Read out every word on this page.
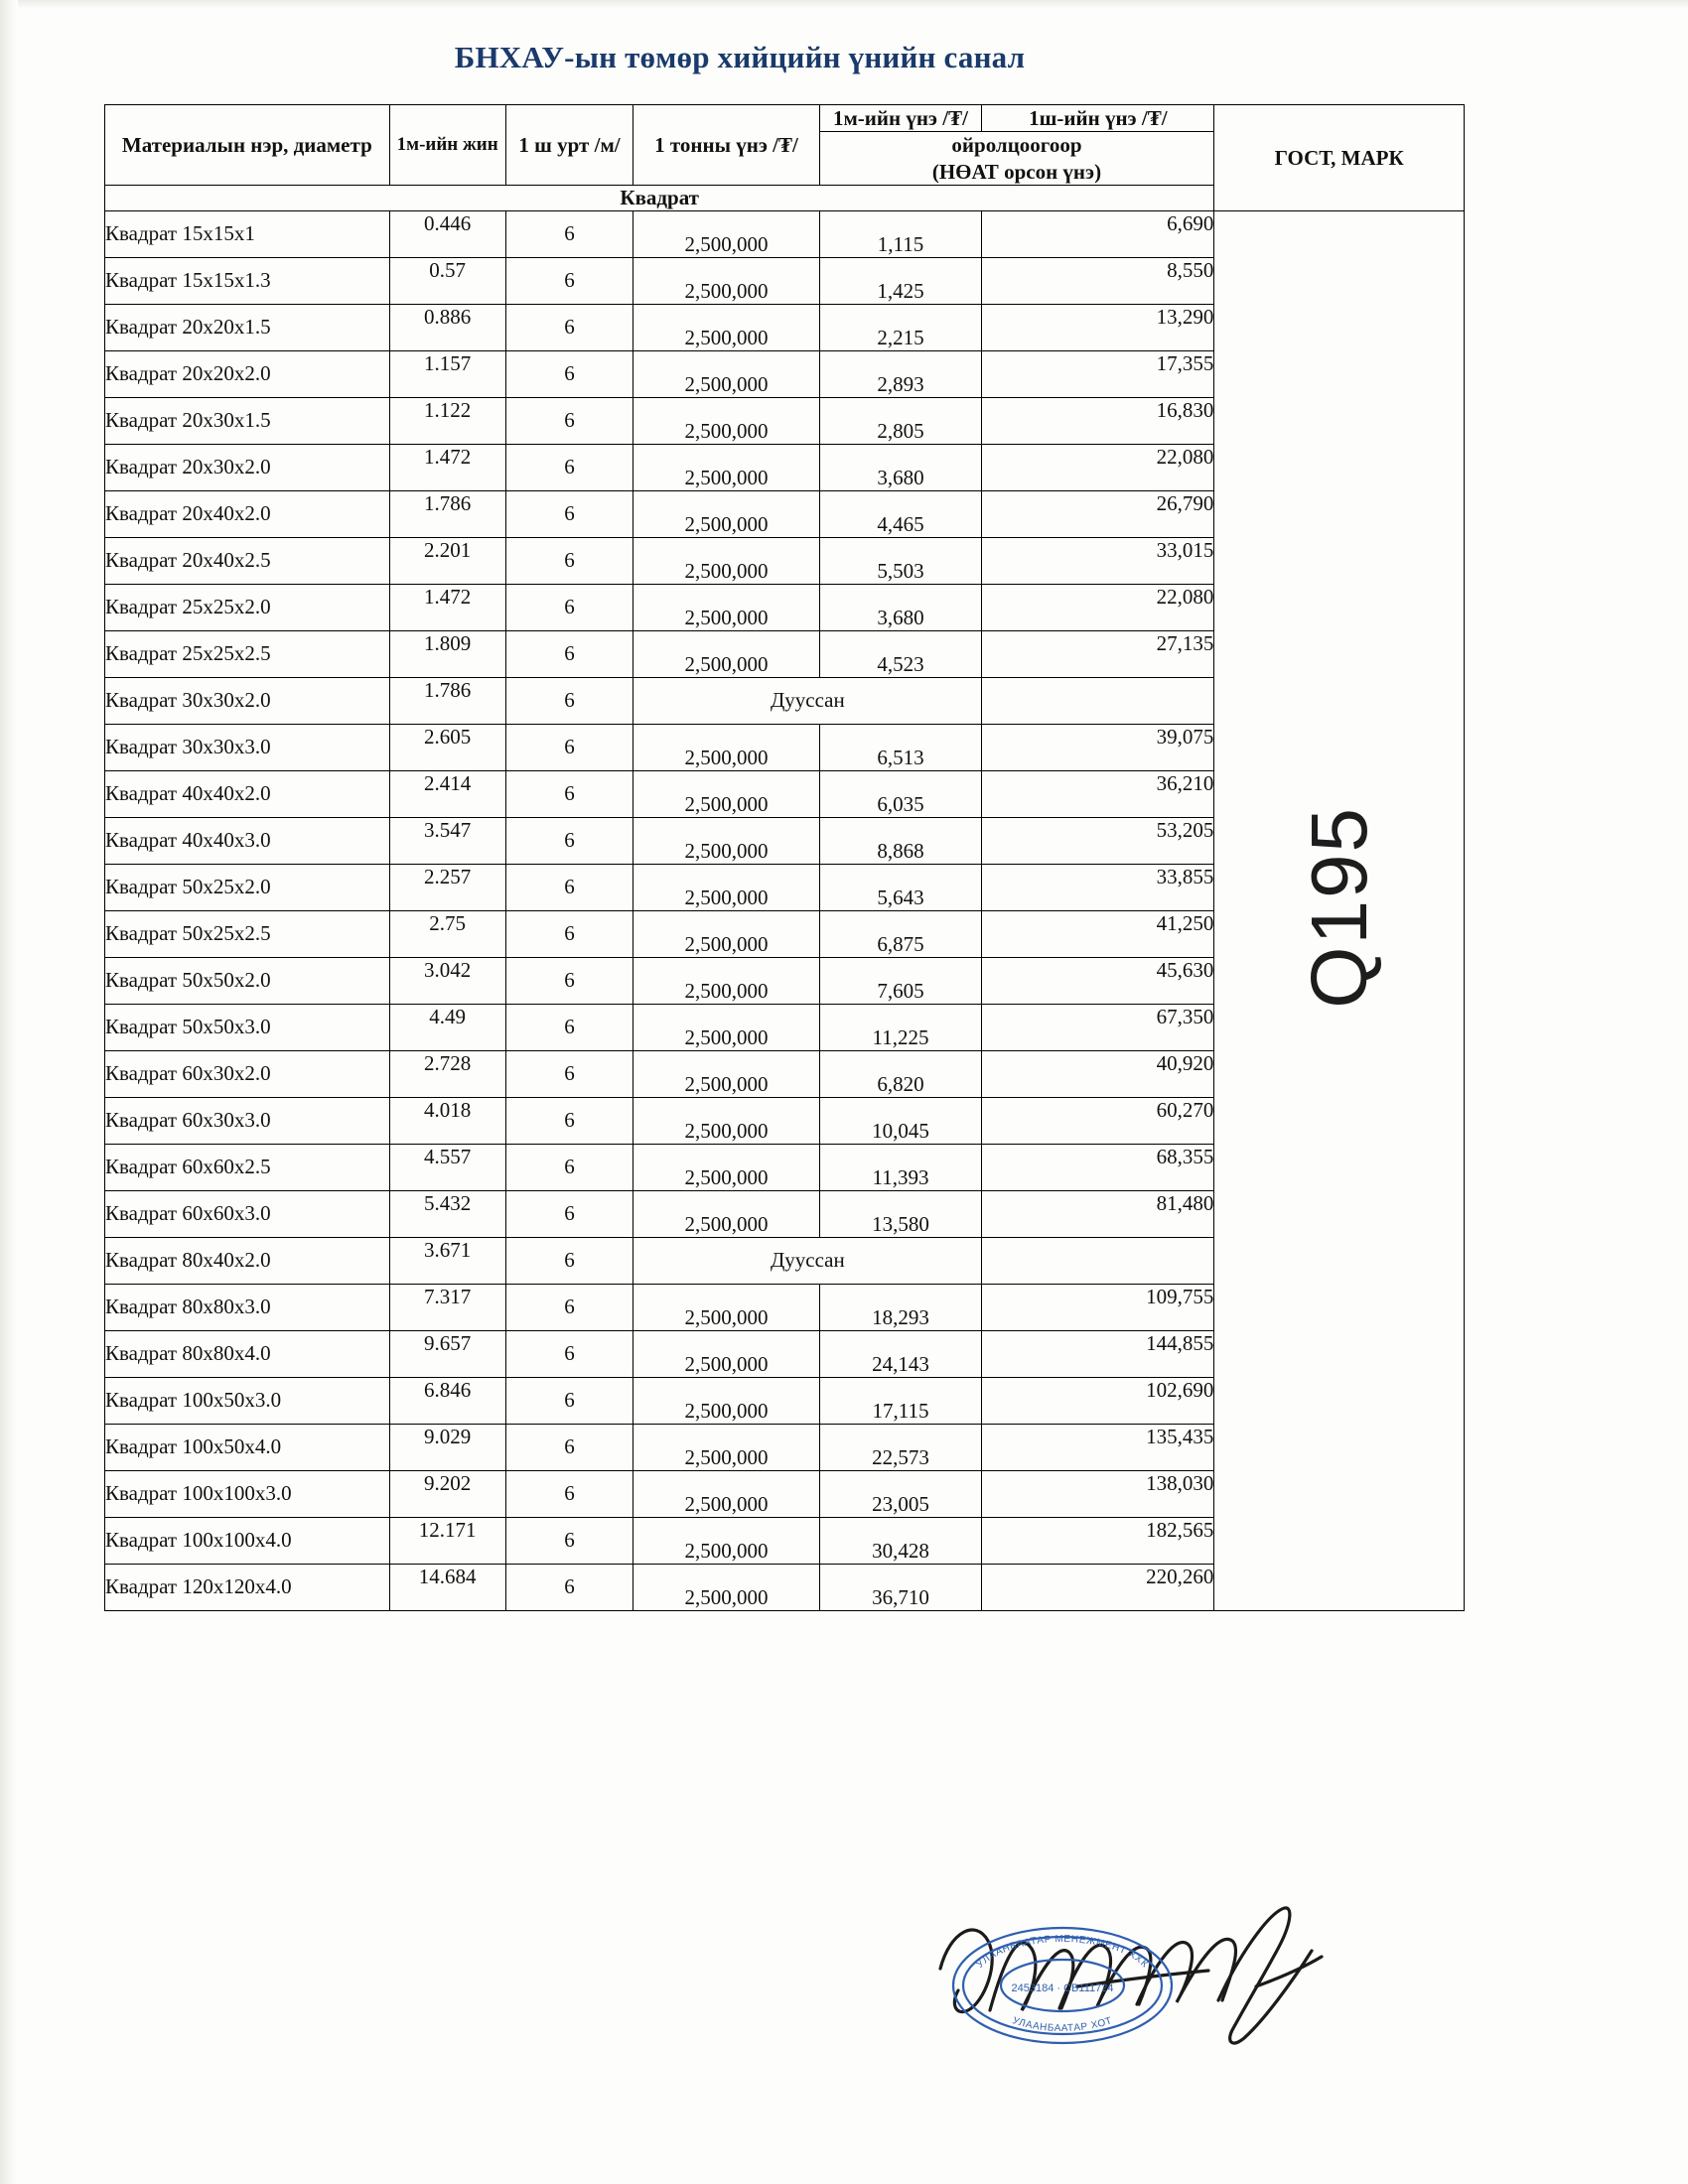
БНХАУ-ын төмөр хийцийн үнийн санал
Материалын нэр, диаметр	1м-ийн жин	1 ш урт /м/	1 тонны үнэ /₮/	1м-ийн үнэ /₮/	1ш-ийн үнэ /₮/	ГОСТ, МАРК

				ойролцоогоор
(НӨАТ орсон үнэ)		

Квадрат						
Квадрат 15x15x1	0.446	6	2,500,000	1,115	6,690	Q195
Квадрат 15x15x1.3	0.57	6	2,500,000	1,425	8,550	
Квадрат 20x20x1.5	0.886	6	2,500,000	2,215	13,290	
Квадрат 20x20x2.0	1.157	6	2,500,000	2,893	17,355	
Квадрат 20x30x1.5	1.122	6	2,500,000	2,805	16,830	
Квадрат 20x30x2.0	1.472	6	2,500,000	3,680	22,080	
Квадрат 20x40x2.0	1.786	6	2,500,000	4,465	26,790	
Квадрат 20x40x2.5	2.201	6	2,500,000	5,503	33,015	
Квадрат 25x25x2.0	1.472	6	2,500,000	3,680	22,080	
Квадрат 25x25x2.5	1.809	6	2,500,000	4,523	27,135	
Квадрат 30x30x2.0	1.786	6	Дууссан			
Квадрат 30x30x3.0	2.605	6	2,500,000	6,513	39,075	
Квадрат 40x40x2.0	2.414	6	2,500,000	6,035	36,210	
Квадрат 40x40x3.0	3.547	6	2,500,000	8,868	53,205	
Квадрат 50x25x2.0	2.257	6	2,500,000	5,643	33,855	
Квадрат 50x25x2.5	2.75	6	2,500,000	6,875	41,250	
Квадрат 50x50x2.0	3.042	6	2,500,000	7,605	45,630	
Квадрат 50x50x3.0	4.49	6	2,500,000	11,225	67,350	
Квадрат 60x30x2.0	2.728	6	2,500,000	6,820	40,920	
Квадрат 60x30x3.0	4.018	6	2,500,000	10,045	60,270	
Квадрат 60x60x2.5	4.557	6	2,500,000	11,393	68,355	
Квадрат 60x60x3.0	5.432	6	2,500,000	13,580	81,480	
Квадрат 80x40x2.0	3.671	6	Дууссан			
Квадрат 80x80x3.0	7.317	6	2,500,000	18,293	109,755	
Квадрат 80x80x4.0	9.657	6	2,500,000	24,143	144,855	
Квадрат 100x50x3.0	6.846	6	2,500,000	17,115	102,690	
Квадрат 100x50x4.0	9.029	6	2,500,000	22,573	135,435	
Квадрат 100x100x3.0	9.202	6	2,500,000	23,005	138,030	
Квадрат 100x100x4.0	12.171	6	2,500,000	30,428	182,565	
Квадрат 120x120x4.0	14.684	6	2,500,000	36,710	220,260	
УЛААНБААТАР МЕНЕЖМЕНТ ХХК
УЛААНБААТАР ХОТ
2453184 · СВ111724
